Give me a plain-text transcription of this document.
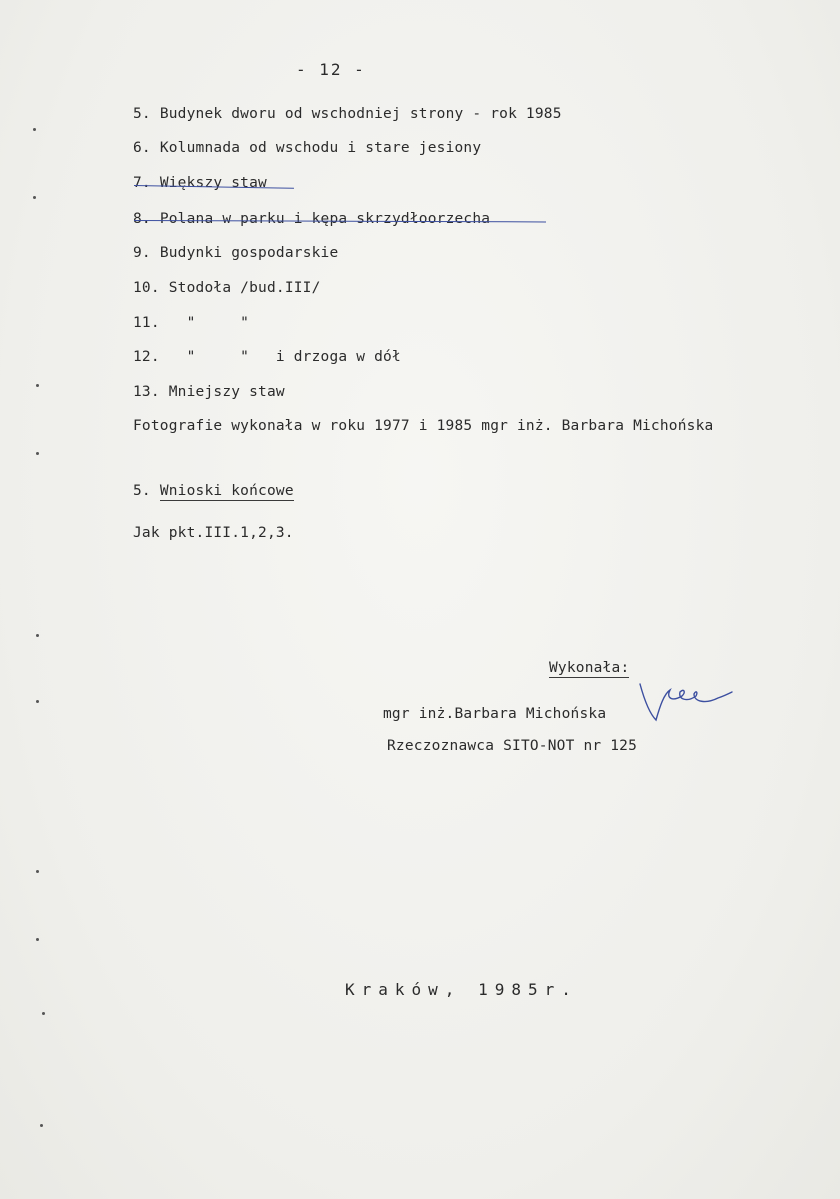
- 12 -
5. Budynek dworu od wschodniej strony - rok 1985
6. Kolumnada od wschodu i stare jesiony
7. Większy staw
8. Polana w parku i kępa skrzydłoorzecha
9. Budynki gospodarskie
10. Stodoła /bud.III/
11. "     "
12. "     "   i drzoga w dół
13. Mniejszy staw
Fotografie wykonała w roku 1977 i 1985 mgr inż. Barbara Michońska
5. Wnioski końcowe
Jak pkt.III.1,2,3.
Wykonała:
mgr inż.Barbara Michońska
Rzeczoznawca SITO-NOT nr 125
Kraków, 1985r.
